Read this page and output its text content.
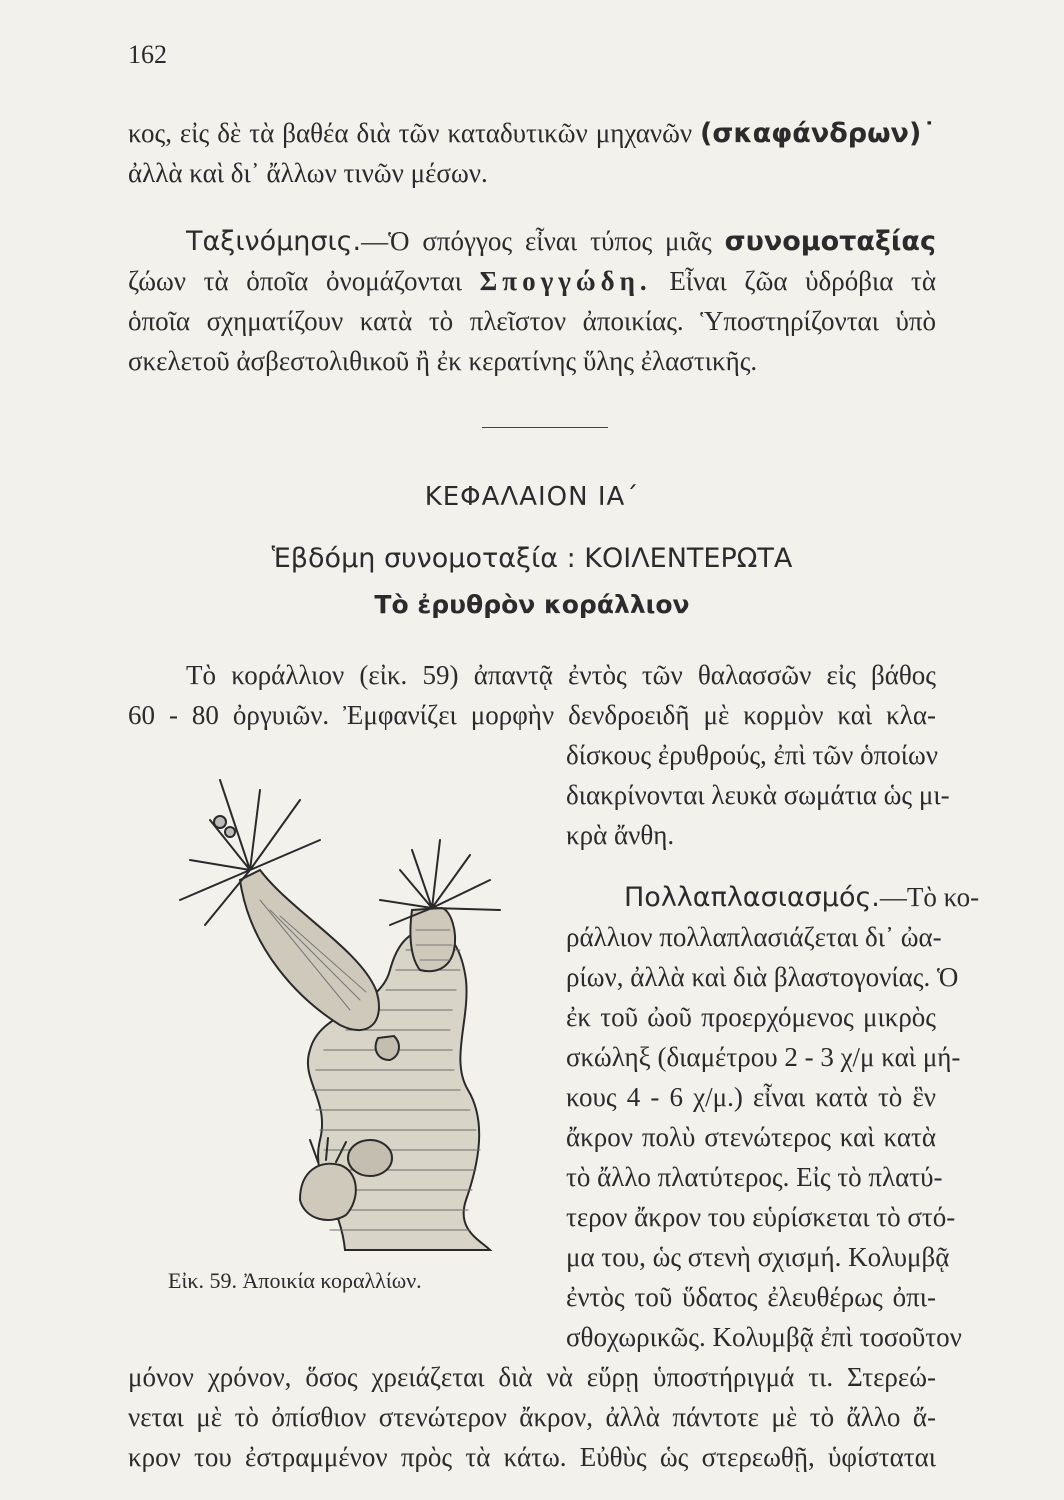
162
κος, εἰς δὲ τὰ βαθέα διὰ τῶν καταδυτικῶν μηχανῶν (σκαφάνδρων)˙
ἀλλὰ καὶ δι᾿ ἄλλων τινῶν μέσων.
Ταξινόμησις.—Ὁ σπόγγος εἶναι τύπος μιᾶς συνομοταξίας
ζώων τὰ ὁποῖα ὀνομάζονται Σπογγώδη. Εἶναι ζῶα ὑδρόβια τὰ
ὁποῖα σχηματίζουν κατὰ τὸ πλεῖστον ἀποικίας. Ὑποστηρίζονται ὑπὸ
σκελετοῦ ἀσβεστολιθικοῦ ἢ ἐκ κερατίνης ὕλης ἐλαστικῆς.
ΚΕΦΑΛΑΙΟΝ ΙΑ΄
Ἑβδόμη συνομοταξία : ΚΟΙΛΕΝΤΕΡΩΤΑ
Τὸ ἐρυθρὸν κοράλλιον
Τὸ κοράλλιον (εἰκ. 59) ἀπαντᾷ ἐντὸς τῶν θαλασσῶν εἰς βάθος
60 - 80 ὀργυιῶν. Ἐμφανίζει μορφὴν δενδροειδῆ μὲ κορμὸν καὶ κλα-
δίσκους ἐρυθρούς, ἐπὶ τῶν ὁποίων
διακρίνονται λευκὰ σωμάτια ὡς μι-
κρὰ ἄνθη.
Πολλαπλασιασμός.—Τὸ κο-
ράλλιον πολλαπλασιάζεται δι᾿ ὠα-
ρίων, ἀλλὰ καὶ διὰ βλαστογονίας. Ὁ
ἐκ τοῦ ὠοῦ προερχόμενος μικρὸς
σκώληξ (διαμέτρου 2 - 3 χ/μ καὶ μή-
κους 4 - 6 χ/μ.) εἶναι κατὰ τὸ ἓν
ἄκρον πολὺ στενώτερος καὶ κατὰ
τὸ ἄλλο πλατύτερος. Εἰς τὸ πλατύ-
τερον ἄκρον του εὑρίσκεται τὸ στό-
μα του, ὡς στενὴ σχισμή. Κολυμβᾷ
ἐντὸς τοῦ ὕδατος ἐλευθέρως ὀπι-
σθοχωρικῶς. Κολυμβᾷ ἐπὶ τοσοῦτον
μόνον χρόνον, ὅσος χρειάζεται διὰ νὰ εὕρῃ ὑποστήριγμά τι. Στερεώ-
νεται μὲ τὸ ὀπίσθιον στενώτερον ἄκρον, ἀλλὰ πάντοτε μὲ τὸ ἄλλο ἄ-
κρον του ἐστραμμένον πρὸς τὰ κάτω. Εὐθὺς ὡς στερεωθῇ, ὑφίσταται
Εἰκ. 59. Ἀποικία κοραλλίων.
